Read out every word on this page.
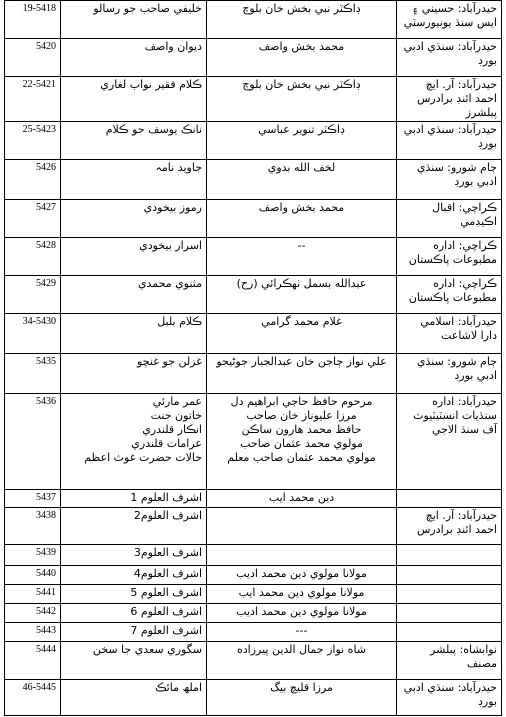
19-5418	خليفي صاحب جو رسالو	ڊاڪٽر نبي بخش خان بلوچ	حيدرآباد: حسيني ۽ ايس سنڌ يونيورسٽي
5420	ديوان واصف	محمد بخش واصف	حيدرآباد: سنڌي ادبي بورڊ
22-5421	ڪلام فقير نواب لغاري	ڊاڪٽر نبي بخش خان بلوچ	حيدرآباد: آر. ايچ احمد ائنڊ برادرس پبلشرز
25-5423	نانڪ يوسف جو ڪلام	ڊاڪٽر تنوير عباسي	حيدرآباد: سنڌي ادبي بورڊ
5426	جاويد نامہ	لخف الله بدوي	ڄام شورو: سنڌي ادبي بورڊ
5427	رموز بيخودي	محمد بخش واصف	ڪراچي: اقبال اڪيڊمي
5428	اسرار بيخودي	--	ڪراچي: اداره مطبوعات پاڪستان
5429	مثنوي محمدي	عبدالله بسمل ٺهڪرائي (رح)	ڪراچي: اداره مطبوعات پاڪستان
34-5430	ڪلام بلبل	غلام محمد گرامي	حيدرآباد: اسلامي دارا لاشاعت
5435	غزلن جو غنچو	علي نواز ڄاجن خان عبدالجبار جوڻيجو	ڄام شورو: سنڌي ادبي بورڊ
5436	عمر مارئي
خاتون جنت
انڪار قلندري
عرامات قلندري
حالات حضرت غوث اعظم	مرحوم حافظ حاجي ابراهيم دل
مرزا عليوناز خان صاحب
حافظ محمد هارون ساڪن
مولوي محمد عثمان صاحب
مولوي محمد عثمان صاحب معلم	حيدرآباد: اداره سنڌيات انسٽيٽيوٽ آف سنڌ الاجي
5437	اشرف العلوم 1	دين محمد ايب	
3438	اشرف العلوم2		حيدرآباد: آر. ايچ احمد ائنڊ برادرس
5439	اشرف العلوم3		
5440	اشرف العلوم4	مولانا مولوي دين محمد اديب	
5441	اشرف العلوم 5	مولانا مولوي دين محمد ايب	
5442	اشرف العلوم 6	مولانا مولوي دين محمد اديب	
5443	اشرف العلوم 7	---	
5444	سگوري سعدي جا سخن	شاه نواز جمال الدين پيرزاده	نوابشاه: پبلشر مصنف
46-5445	املھ مائڪ	مرزا قليچ بيگ	حيدرآباد: سنڌي ادبي بورڊ
